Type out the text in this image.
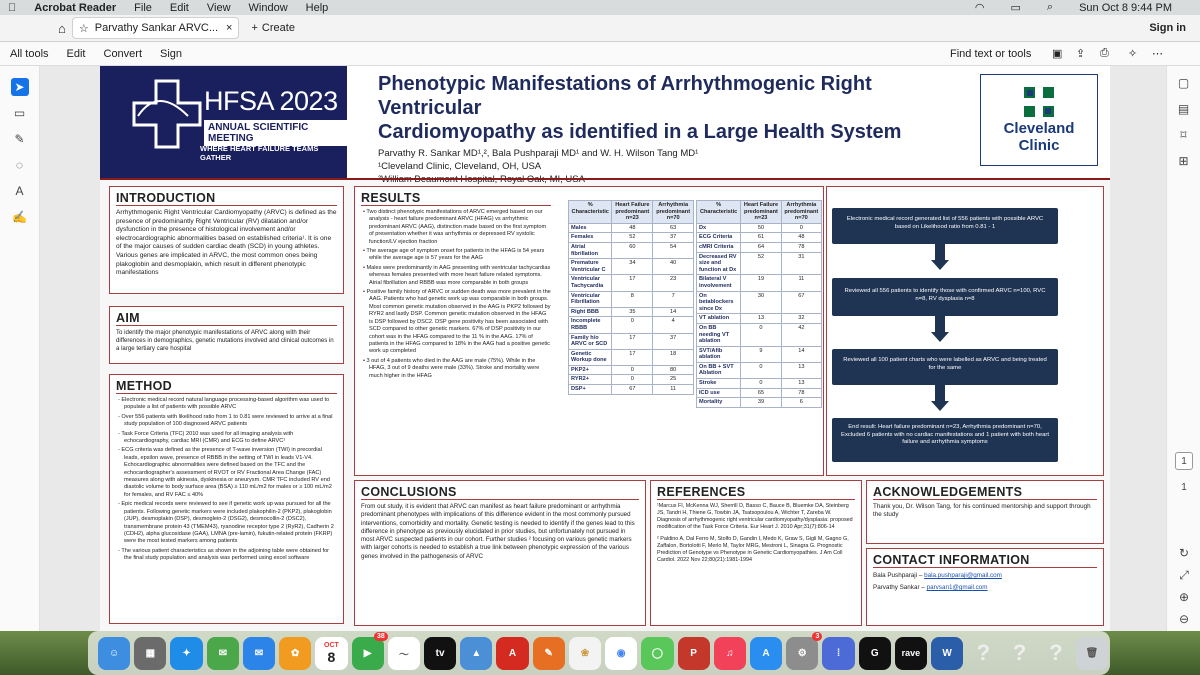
Acrobat Reader File Edit View Window Help	◠ ▭ ⌕ Sun Oct 8 9:44 PM
⌂ ☆ Parvathy Sankar ARVC... × + Create	Sign in
All tools Edit Convert Sign	Find text or tools ▣ ⇪ ⎙ ✧ ⋯
➤
▭
✎
◌
A
✍
▢
▤
⌑
⊞
1
1
↻
⤢
⊕
⊖
HFSA 2023
ANNUAL SCIENTIFIC MEETING
WHERE HEART FAILURE TEAMS GATHER
Phenotypic Manifestations of Arrhythmogenic Right Ventricular
Cardiomyopathy as identified in a Large Health System
Parvathy R. Sankar MD¹,², Bala Pushparaji MD¹ and W. H. Wilson Tang MD¹
¹Cleveland Clinic, Cleveland, OH, USA
Cleveland
Clinic
INTRODUCTION
Arrhythmogenic Right Ventricular Cardiomyopathy (ARVC) is defined as the presence of predominantly Right Ventricular (RV) dilatation and/or dysfunction in the presence of histological involvement and/or electrocardiographic abnormalities based on established criteria¹. It is one of the major causes of sudden cardiac death (SCD) in young athletes. Various genes are implicated in ARVC, the most common ones being plakoglobin and desmoplakin, which result in different phenotypic manifestations
AIM
To identify the major phenotypic manifestations of ARVC along with their differences in demographics, genetic mutations involved and clinical outcomes in a large tertiary care hospital
METHOD
- Electronic medical record natural language processing-based algorithm was used to populate a list of patients with possible ARVC
- Over 556 patients with likelihood ratio from 1 to 0.81 were reviewed to arrive at a final study population of 100 diagnosed ARVC patients
- Task Force Criteria (TFC) 2010 was used for all imaging analysis with echocardiography, cardiac MRI (CMR) and ECG to define ARVC¹
- ECG criteria was defined as the presence of T-wave inversion (TWI) in precordial leads, epsilon wave, presence of RBBB in the setting of TWI in leads V1-V4. Echocardiographic abnormalities were defined based on the TFC and the echocardiographer's assessment of RVOT or RV Fractional Area Change (FAC) measures along with akinesia, dyskinesia or aneurysm. CMR TFC included RV end diastolic volume to body surface area (BSA) ≥ 110 mL/m2 for males or ≥ 100 mL/m2 for females, and RV FAC ≤ 40%
- Epic medical records were reviewed to see if genetic work up was pursued for all the patients. Following genetic markers were included plakophilin-2 (PKP2), plakoglobin (JUP), desmoplakin (DSP), desmoglein-2 (DSG2), desmocollin-2 (DSC2), transmembrane protein 43 (TMEM43), ryanodine receptor type 2 (RyR2), Cadherin 2 (CDH2), alpha glucosidase (GAA), LMNA (pre-lamin), fukutin-related protein (FKRP) were the most tested markers among patients
- The various patient characteristics as shown in the adjoining table were obtained for the final study population and analysis was performed using excel software
RESULTS
• Two distinct phenotypic manifestations of ARVC emerged based on our analysis - heart failure predominant ARVC (HFAG) vs arrhythmic predominant ARVC (AAG), distinction made based on the first symptom of presentation whether it was arrhythmia or depressed RV systolic function/LV ejection fraction
• The average age of symptom onset for patients in the HFAG is 54 years while the average age is 57 years for the AAG
• Males were predominantly in AAG presenting with ventricular tachycardias whereas females presented with more heart failure related symptoms. Atrial fibrillation and RBBB was more comparable in both groups
• Positive family history of ARVC or sudden death was more prevalent in the AAG. Patients who had genetic work up was comparable in both groups. Most common genetic mutation observed in the AAG is PKP2 followed by RYR2 and lastly DSP. Common genetic mutation observed in the HFAG is DSP followed by DSC2. DSP gene positivity has been associated with SCD compared to other genetic markers. 67% of DSP positivity in our cohort was in the HFAG compared to the 11 % in the AAG. 17% of patients in the HFAG compared to 18% in the AAG had a positive genetic work up completed
• 3 out of 4 patients who died in the AAG are male (75%). While in the HFAG, 3 out of 9 deaths were male (33%). Stroke and mortality were much higher in the HFAG
% Characteristic	Heart Failure predominant n=23	Arrhythmia predominant n=70
Males	48	63
Females	52	37
Atrial fibrillation	60	54
Premature Ventricular C	34	40
Ventricular Tachycardia	17	23
Ventricular Fibrillation	8	7
Right BBB	35	14
Incomplete RBBB	0	4
Family h/o ARVC or SCD	17	37
Genetic Workup done	17	18
PKP2+	0	80
RYR2+	0	25
DSP+	67	11
% Characteristic	Heart Failure predominant n=23	Arrhythmia predominant n=70
Dx	50	0
ECG Criteria	61	48
cMRI Criteria	64	78
Decreased RV size and function at Dx	52	31
Bilateral V involvement	19	11
On betablockers since Dx	30	67
VT ablation	13	32
On BB needing VT ablation	0	42
SVT/Afib ablation	9	14
On BB + SVT Ablation	0	13
Stroke	0	13
ICD use	65	78
Mortality	39	6
Electronic medical record generated list of 556 patients with possible ARVC based on Likelihood ratio from 0.81 - 1
Reviewed all 556 patients to identify those with confirmed ARVC n=100, RVC n=8, RV dysplasia n=8
Reviewed all 100 patient charts who were labelled as ARVC and being treated for the same
End result: Heart failure predominant n=23, Arrhythmia predominant n=70, Excluded 6 patients with no cardiac manifestations and 1 patient with both heart failure and arrhythmia symptoms
CONCLUSIONS
From out study, it is evident that ARVC can manifest as heart failure predominant or arrhythmia predominant phenotypes with implications of this difference evident in the most commonly pursued interventions, comorbidity and mortality. Genetic testing is needed to identify if the genes lead to this difference in phenotype as previously elucidated in prior studies, but unfortunately not pursued in most ARVC suspected patients in our cohort. Further studies ² focusing on various genetic markers with larger cohorts is needed to establish a true link between phenotypic expression of the various genes involved in the pathogenesis of ARVC
REFERENCES
¹Marcus FI, McKenna WJ, Sherrill D, Basso C, Bauce B, Bluemke DA, Steinberg JS, Tandri H, Thiene G, Towbin JA, Tsatsopoulou A, Wichter T, Zareba W. Diagnosis of arrhythmogenic right ventricular cardiomyopathy/dysplasia: proposed modification of the Task Force Criteria. Eur Heart J. 2010 Apr;31(7):806-14
² Paldino A, Dal Ferro M, Stolfo D, Gandin I, Medo K, Graw S, Gigli M, Gagno G, Zaffalon, Bortolotti F, Merlo M, Taylor MRG, Mestroni L, Sinagra G. Prognostic Prediction of Genotype vs Phenotype in Genetic Cardiomyopathies. J Am Coll Cardiol. 2022 Nov 22;80(21):1981-1994
ACKNOWLEDGEMENTS
Thank you, Dr. Wilson Tang, for his continued mentorship and support through the study
CONTACT INFORMATION
Bala Pushparaji – bala.pushparaji@gmail.com
Parvathy Sankar – parvsan1@gmail.com
☺	▦	✦	✉	✉	✿
OCT
8	▶
38
〜	tv	▲	A	✎	❀	◉	◯	P	♫	A	⚙
3
⁞	G	rave	W	?	?	?	🗑
